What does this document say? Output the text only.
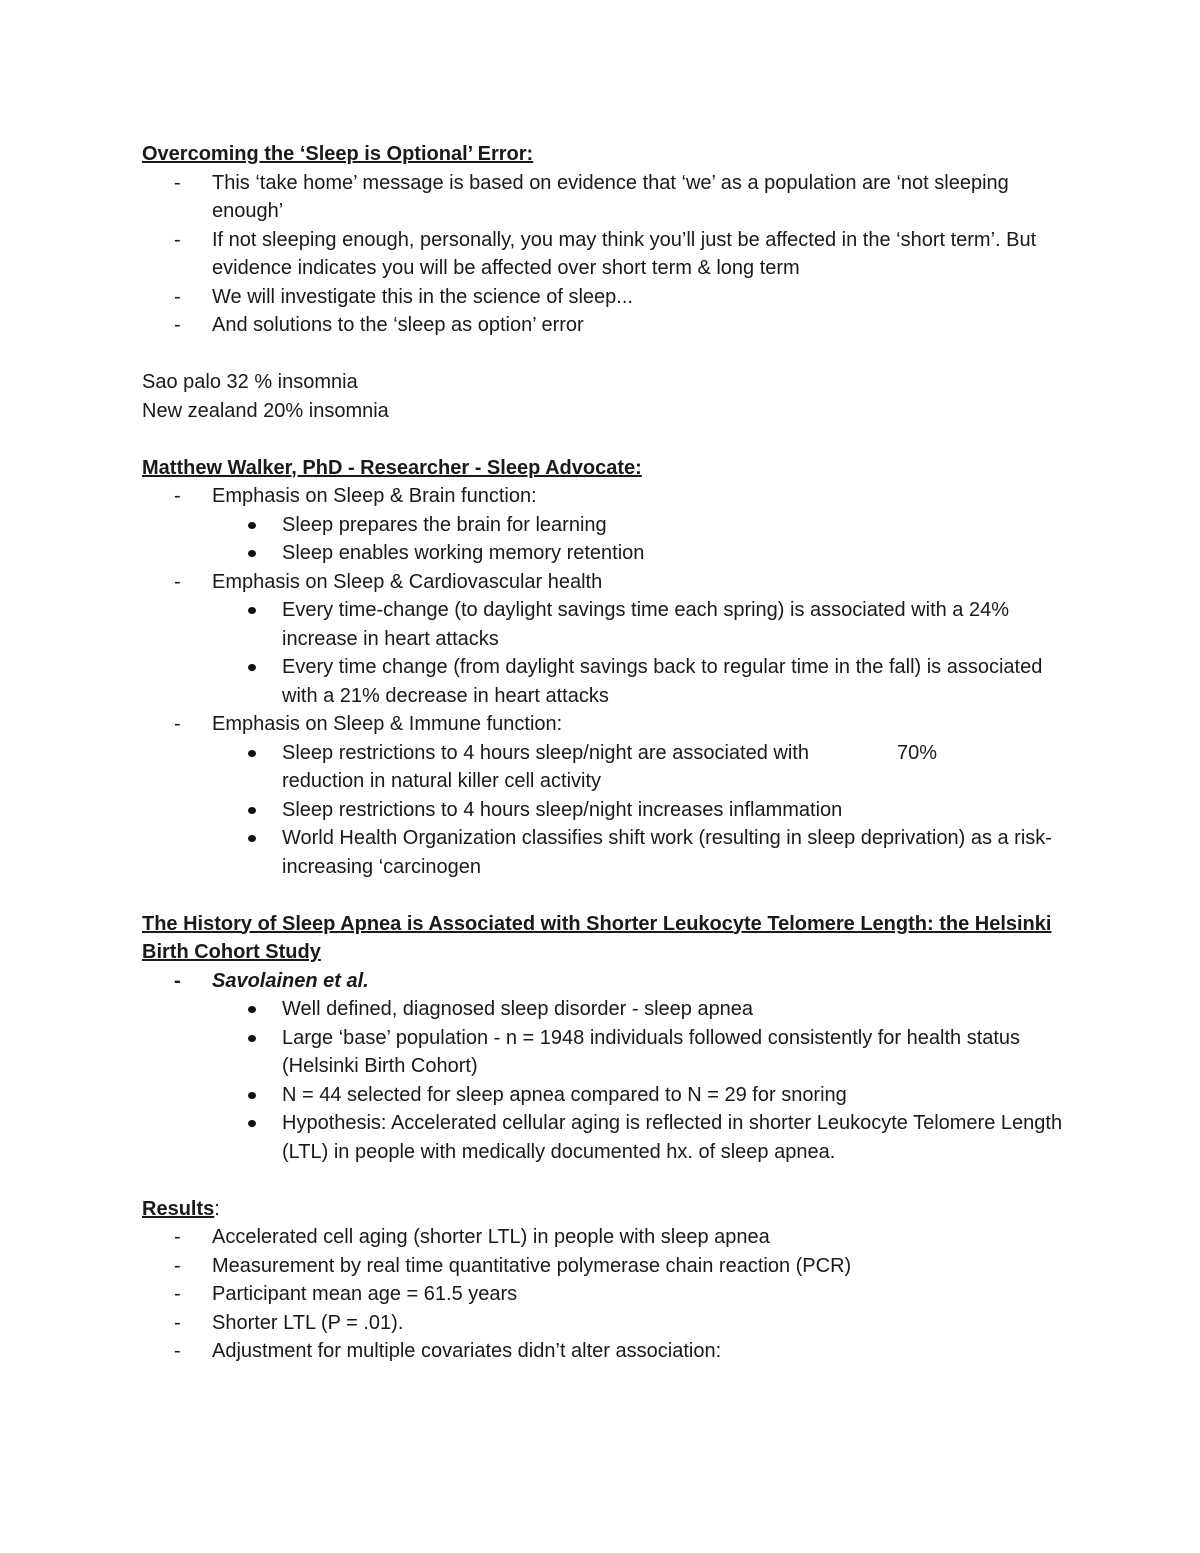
Overcoming the ‘Sleep is Optional’ Error:

- This ‘take home’ message is based on evidence that ‘we’ as a population are ‘not sleeping enough’
- If not sleeping enough, personally, you may think you’ll just be affected in the ‘short term’. But evidence indicates you will be affected over short term & long term
- We will investigate this in the science of sleep...
- And solutions to the ‘sleep as option’ error

Sao palo 32 % insomnia

New zealand 20% insomnia

Matthew Walker, PhD - Researcher - Sleep Advocate:

- Emphasis on Sleep & Brain function:
Sleep prepares the brain for learning
Sleep enables working memory retention
- Emphasis on Sleep & Cardiovascular health
Every time-change (to daylight savings time each spring) is associated with a 24% increase in heart attacks
Every time change (from daylight savings back to regular time in the fall) is associated with a 21% decrease in heart attacks
- Emphasis on Sleep & Immune function:
Sleep restrictions to 4 hours sleep/night are associated with	70%
reduction in natural killer cell activity
Sleep restrictions to 4 hours sleep/night increases inflammation
World Health Organization classifies shift work (resulting in sleep deprivation) as a risk-increasing ‘carcinogen

The History of Sleep Apnea is Associated with Shorter Leukocyte Telomere Length: the Helsinki Birth Cohort Study

- Savolainen et al.
Well defined, diagnosed sleep disorder - sleep apnea
Large ‘base’ population - n = 1948 individuals followed consistently for health status (Helsinki Birth Cohort)
N = 44 selected for sleep apnea compared to N = 29 for snoring
Hypothesis: Accelerated cellular aging is reflected in shorter Leukocyte Telomere Length (LTL) in people with medically documented hx. of sleep apnea.

Results:

- Accelerated cell aging (shorter LTL) in people with sleep apnea
- Measurement by real time quantitative polymerase chain reaction (PCR)
- Participant mean age = 61.5 years
- Shorter LTL (P = .01).
- Adjustment for multiple covariates didn’t alter association:
